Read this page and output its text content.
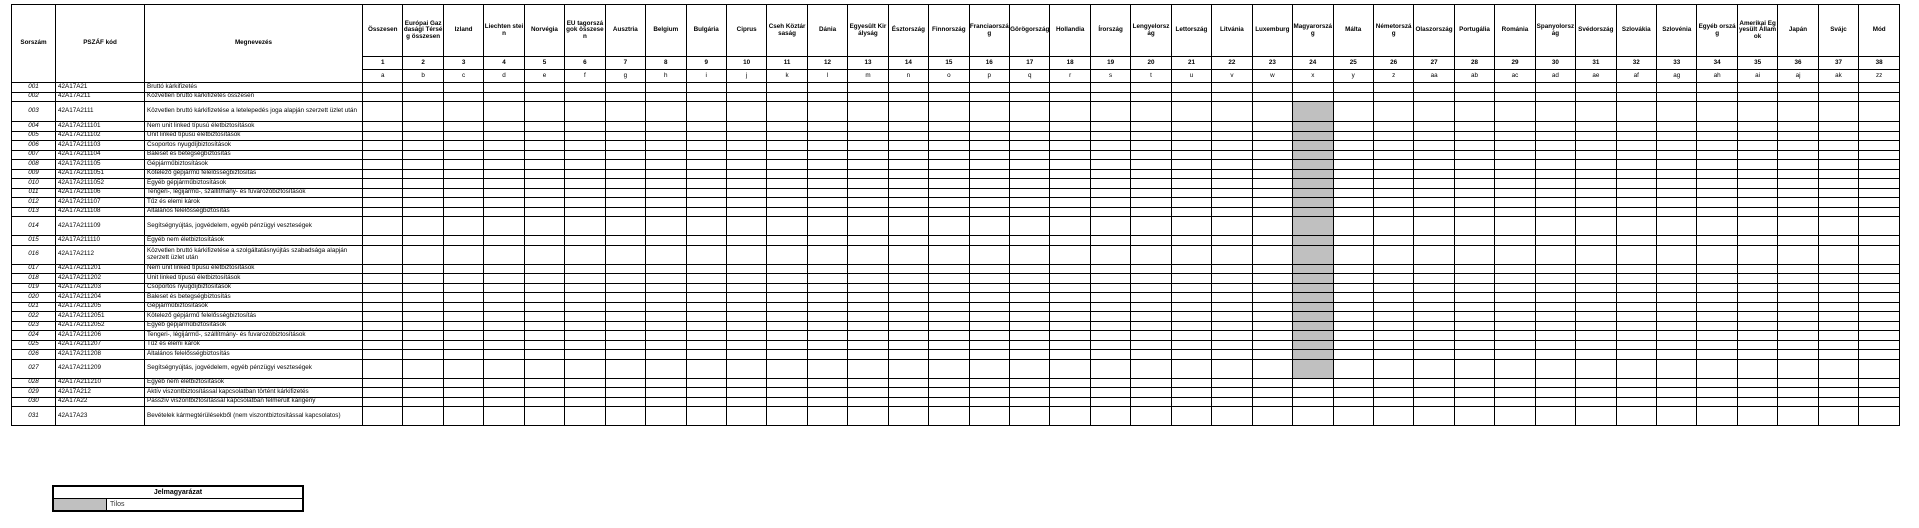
Sorszám	PSZÁF kód	Megnevezés	Összesen	Európai Gazdasági Térség összesen	Izland	Liechten stein	Norvégia	EU tagországok összesen	Ausztria	Belgium	Bulgária	Ciprus	Cseh Köztársaság	Dánia	Egyesült Királyság	Észtország	Finnország	Franciaország	Görögország	Hollandia	Írország	Lengyelország	Lettország	Litvánia	Luxemburg	Magyarország	Málta	Németország	Olaszország	Portugália	Románia	Spanyolország	Svédország	Szlovákia	Szlovénia	Egyéb ország	Amerikai Egyesült Államok	Japán	Svájc	Mód
			1	2	3	4	5	6	7	8	9	10	11	12	13	14	15	16	17	18	19	20	21	22	23	24	25	26	27	28	29	30	31	32	33	34	35	36	37	38
			a	b	c	d	e	f	g	h	i	j	k	l	m	n	o	p	q	r	s	t	u	v	w	x	y	z	aa	ab	ac	ad	ae	af	ag	ah	ai	aj	ak	zz
001	42A17A21	Bruttó kárkifizetés																																						
002	42A17A211	Közvetlen bruttó kárkifizetés összesen																																						
003	42A17A2111	Közvetlen bruttó kárkifizetése a letelepedés joga alapján szerzett üzlet után																																						
004	42A17A211101	Nem unit linked típusú életbiztosítások																																						
005	42A17A211102	Unit linked típusú életbiztosítások																																						
006	42A17A211103	Csoportos nyugdíjbiztosítások																																						
007	42A17A211104	Baleset és betegségbiztosítás																																						
008	42A17A211105	Gépjárműbiztosítások																																						
009	42A17A2111051	Kötelező gépjármű felelősségbiztosítás																																						
010	42A17A2111052	Egyéb gépjárműbiztosítások																																						
011	42A17A211106	Tengeri-, légijármű-, szállítmány- és fuvarozóbiztosítások																																						
012	42A17A211107	Tűz és elemi károk																																						
013	42A17A211108	Általános felelősségbiztosítás																																						
014	42A17A211109	Segítségnyújtás, jogvédelem, egyéb pénzügyi veszteségek																																						
015	42A17A211110	Egyéb nem életbiztosítások																																						
016	42A17A2112	Közvetlen bruttó kárkifizetése a szolgáltatásnyújtás szabadsága alapján szerzett üzlet után																																						
017	42A17A211201	Nem unit linked típusú életbiztosítások																																						
018	42A17A211202	Unit linked típusú életbiztosítások																																						
019	42A17A211203	Csoportos nyugdíjbiztosítások																																						
020	42A17A211204	Baleset és betegségbiztosítás																																						
021	42A17A211205	Gépjárműbiztosítások																																						
022	42A17A2112051	Kötelező gépjármű felelősségbiztosítás																																						
023	42A17A2112052	Egyéb gépjárműbiztosítások																																						
024	42A17A211206	Tengeri-, légijármű-, szállítmány- és fuvarozóbiztosítások																																						
025	42A17A211207	Tűz és elemi károk																																						
026	42A17A211208	Általános felelősségbiztosítás																																						
027	42A17A211209	Segítségnyújtás, jogvédelem, egyéb pénzügyi veszteségek																																						
028	42A17A211210	Egyéb nem életbiztosítások																																						
029	42A17A212	Aktív viszontbiztosítással kapcsolatban történt kárkifizetés																																						
030	42A17A22	Passzív viszontbiztosítással kapcsolatban felmerült kárigény																																						
031	42A17A23	Bevételek kármegtérülésekből (nem viszontbiztosítással kapcsolatos)																																						
Jelmagyarázat
	Tilos
